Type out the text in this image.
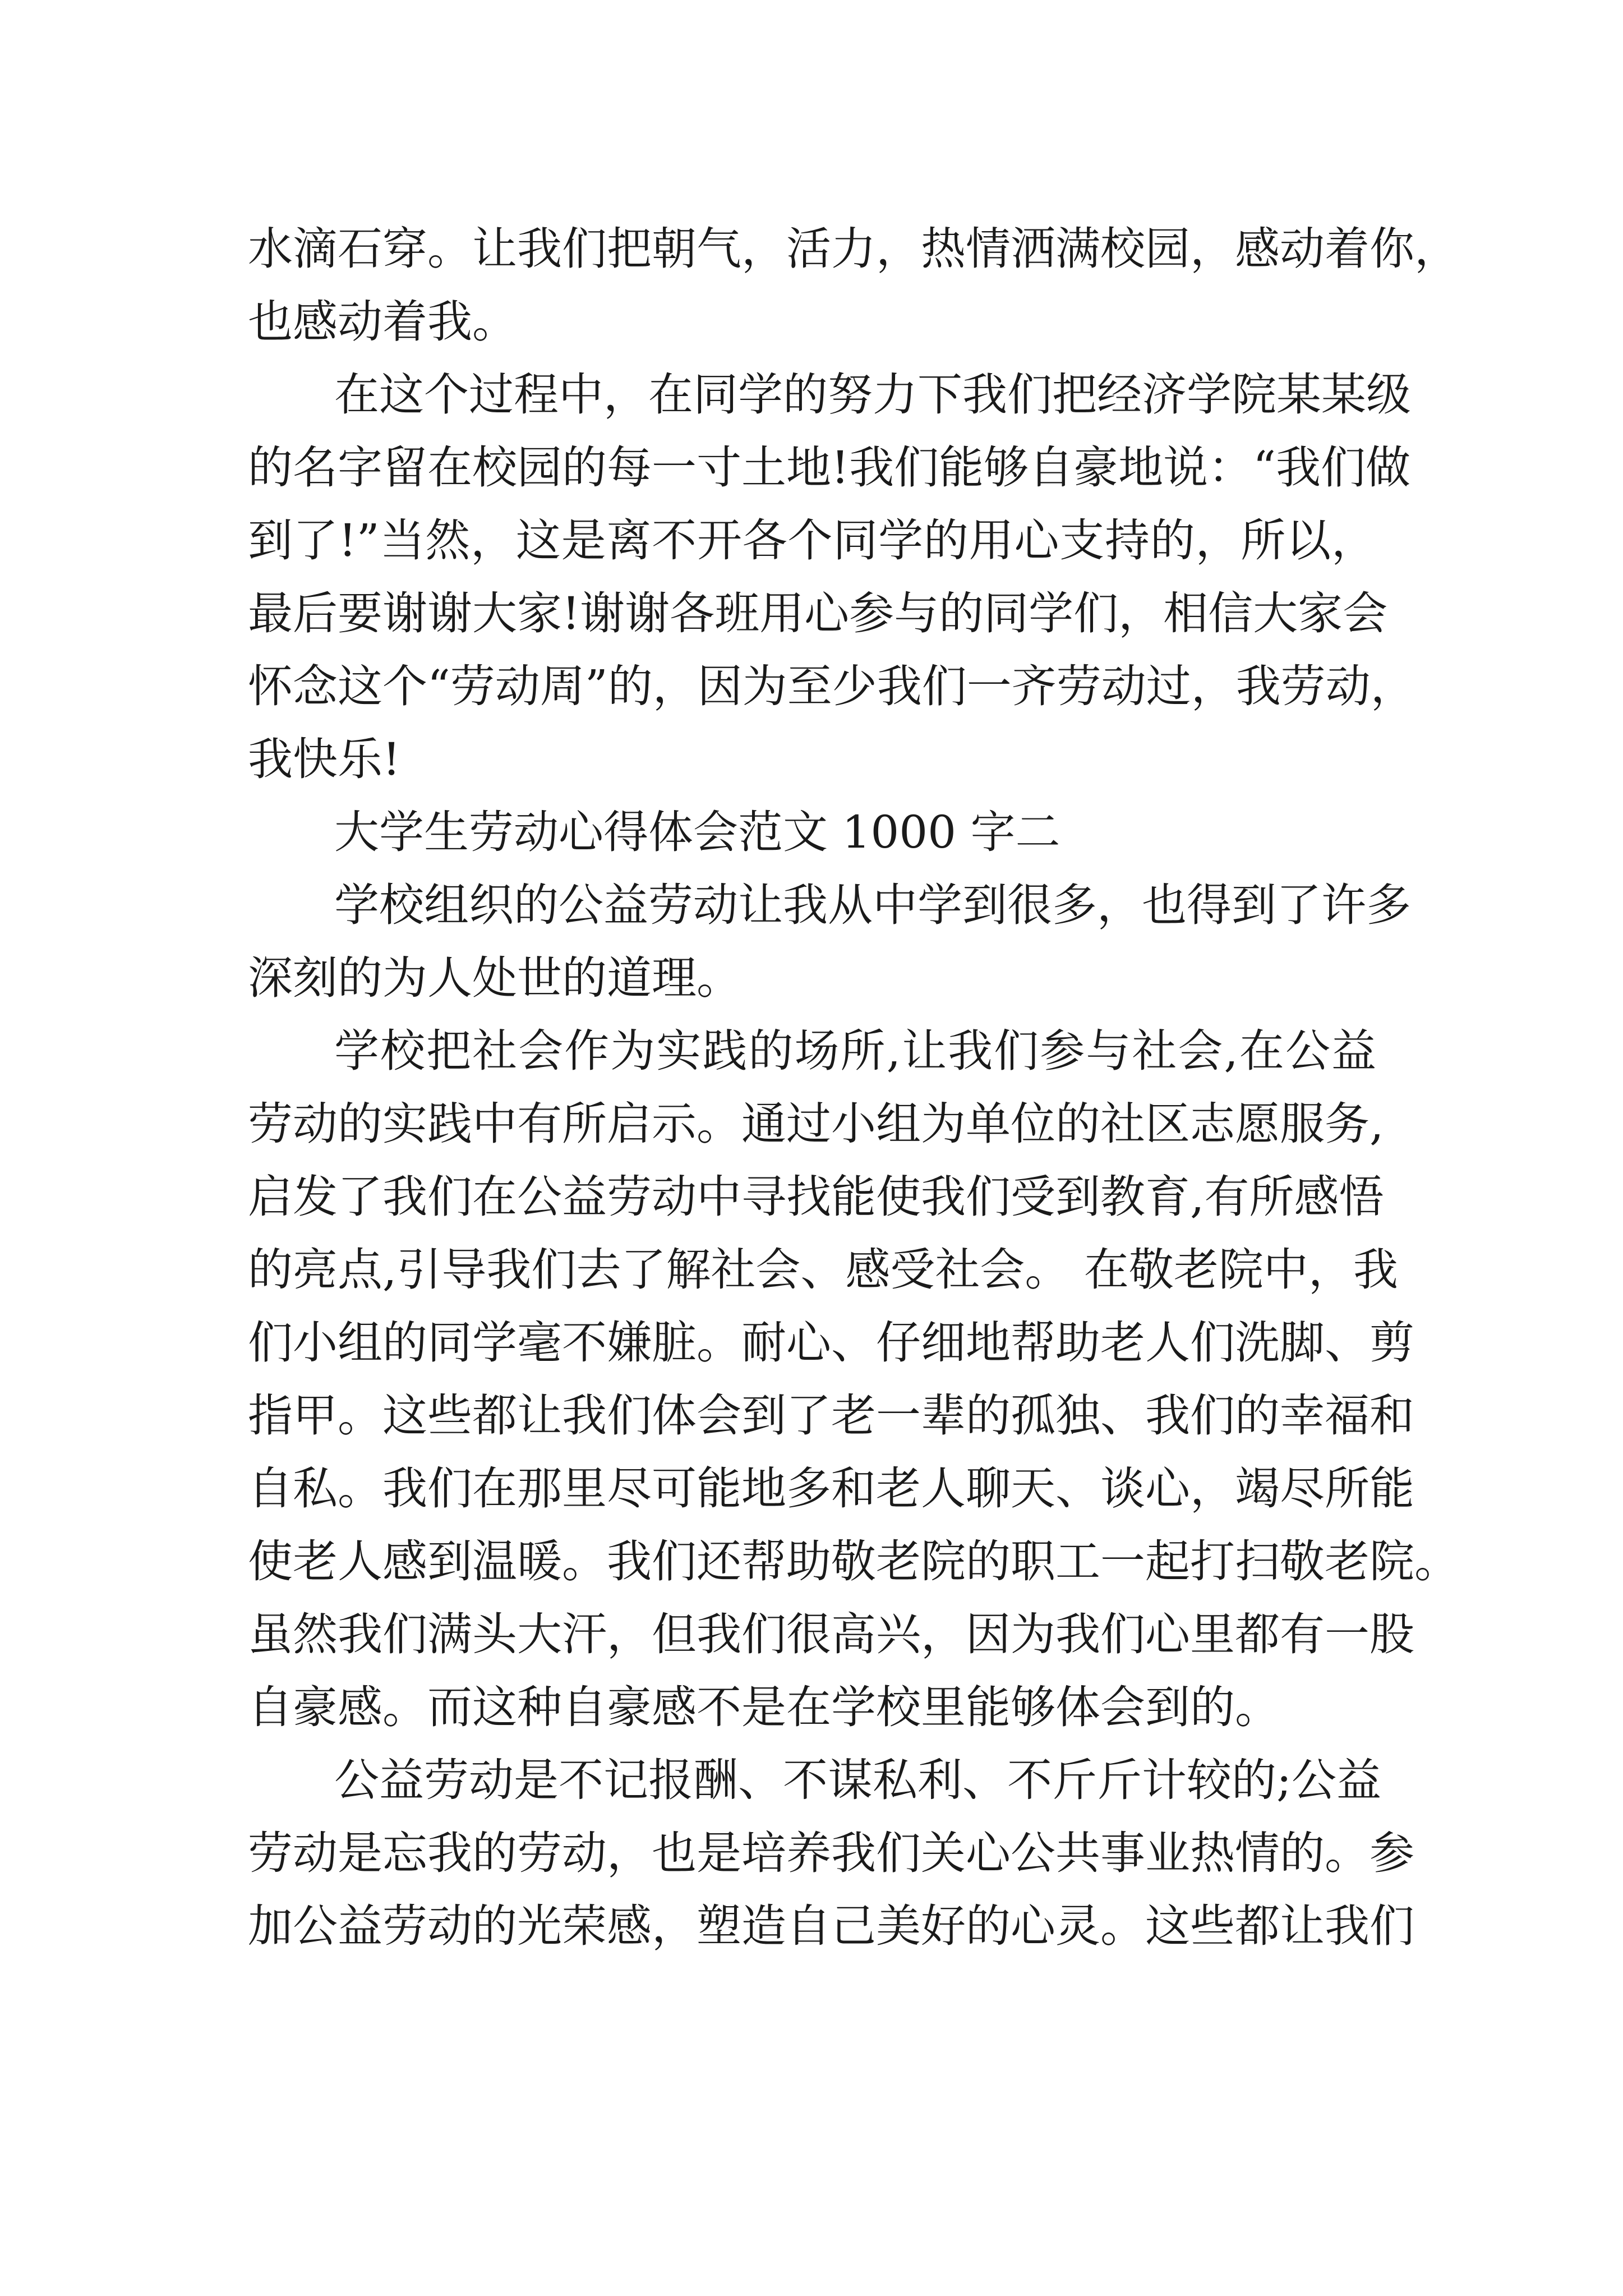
水滴石穿。让我们把朝气，活力，热情洒满校园，感动着你，

也感动着我。

在这个过程中，在同学的努力下我们把经济学院某某级

的名字留在校园的每一寸土地!我们能够自豪地说：“我们做

到了!”当然，这是离不开各个同学的用心支持的，所以，

最后要谢谢大家!谢谢各班用心参与的同学们，相信大家会

怀念这个“劳动周”的，因为至少我们一齐劳动过，我劳动，

我快乐!

大学生劳动心得体会范文 1000 字二

学校组织的公益劳动让我从中学到很多，也得到了许多

深刻的为人处世的道理。

学校把社会作为实践的场所,让我们参与社会,在公益

劳动的实践中有所启示。通过小组为单位的社区志愿服务,

启发了我们在公益劳动中寻找能使我们受到教育,有所感悟

的亮点,引导我们去了解社会、感受社会。 在敬老院中，我

们小组的同学毫不嫌脏。耐心、仔细地帮助老人们洗脚、剪

指甲。这些都让我们体会到了老一辈的孤独、我们的幸福和

自私。我们在那里尽可能地多和老人聊天、谈心，竭尽所能

使老人感到温暖。我们还帮助敬老院的职工一起打扫敬老院。

虽然我们满头大汗，但我们很高兴，因为我们心里都有一股

自豪感。而这种自豪感不是在学校里能够体会到的。

公益劳动是不记报酬、不谋私利、不斤斤计较的;公益

劳动是忘我的劳动，也是培养我们关心公共事业热情的。参

加公益劳动的光荣感，塑造自己美好的心灵。这些都让我们
